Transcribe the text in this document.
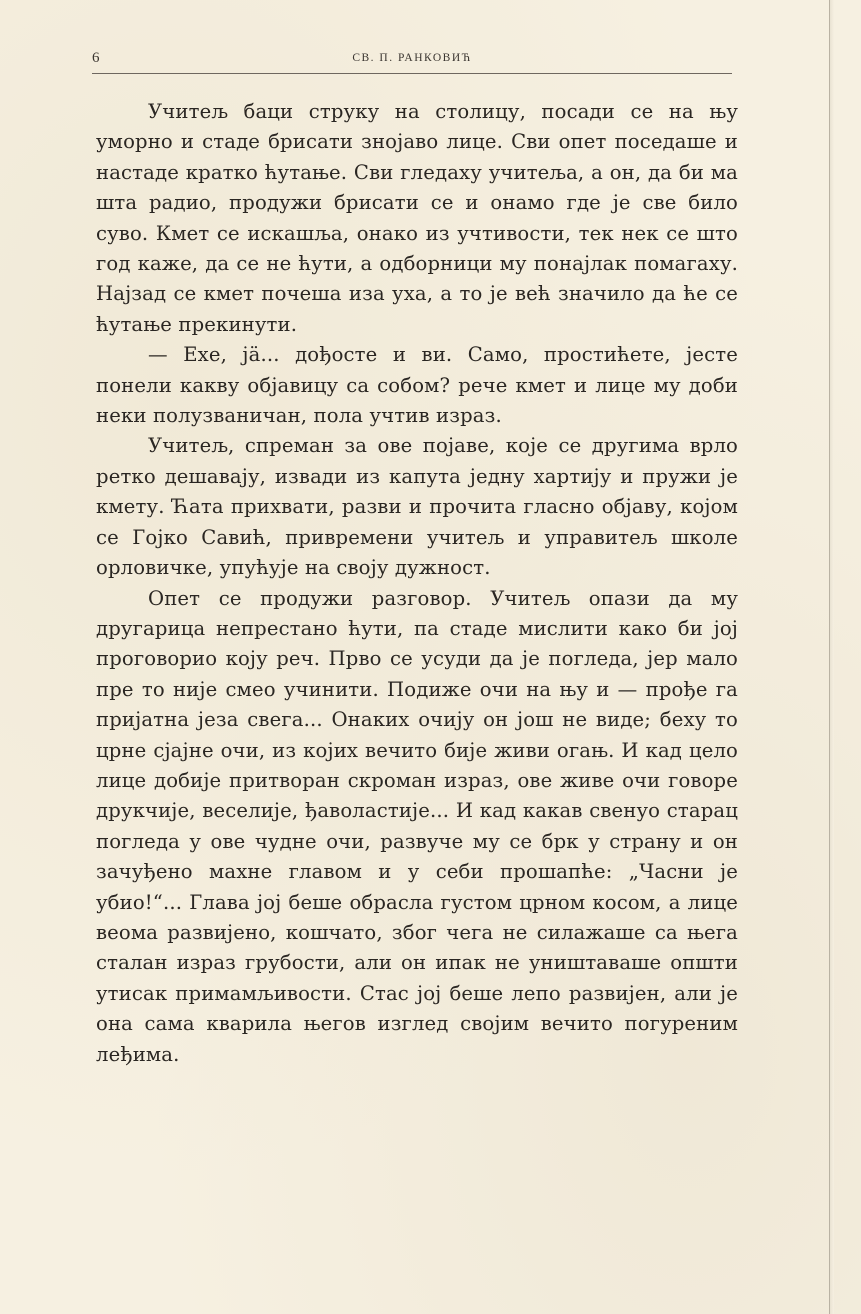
6	СВ. П. РАНКОВИЋ

Учитељ баци струку на столицу, посади се на њу уморно и стаде брисати знојаво лице. Сви опет поседаше и настаде кратко ћутање. Сви гледаху учитеља, а он, да би ма шта радио, продужи брисати се и онамо где је све било суво. Кмет се искашља, онако из учтивости, тек нек се што год каже, да се не ћути, а одборници му понајлак помагаху. Најзад се кмет почеша иза уха, а то је већ значило да ће се ћутање прекинути.

— Ехе, jä... дођосте и ви. Само, простићете, јесте понели какву објавицу са собом? рече кмет и лице му доби неки полузваничан, пола учтив израз.

Учитељ, спреман за ове појаве, које се другима врло ретко дешавају, извади из капута једну хартију и пружи је кмету. Ћата прихвати, разви и прочита гласно објаву, којом се Гојко Савић, привремени учитељ и управитељ школе орловичке, упућује на своју дужност.

Опет се продужи разговор. Учитељ опази да му другарица непрестано ћути, па стаде мислити како би јој проговорио коју реч. Прво се усуди да је погледа, јер мало пре то није смео учинити. Подиже очи на њу и — прође га пријатна језа свега... Онаких очију он још не виде; беху то црне сјајне очи, из којих вечито бије живи огањ. И кад цело лице добије притворан скроман израз, ове живе очи говоре друкчије, веселије, ђаволастије... И кад какав свенуо старац погледа у ове чудне очи, развуче му се брк у страну и он зачуђено махне главом и у себи прошапће: „Часни је убио!“... Глава јој беше обрасла густом црном косом, а лице веома развијено, кошчато, због чега не силажаше са њега сталан израз грубости, али он ипак не уништаваше општи утисак примамљивости. Стас јој беше лепо развијен, али је она сама кварила његов изглед својим вечито погуреним леђима.
